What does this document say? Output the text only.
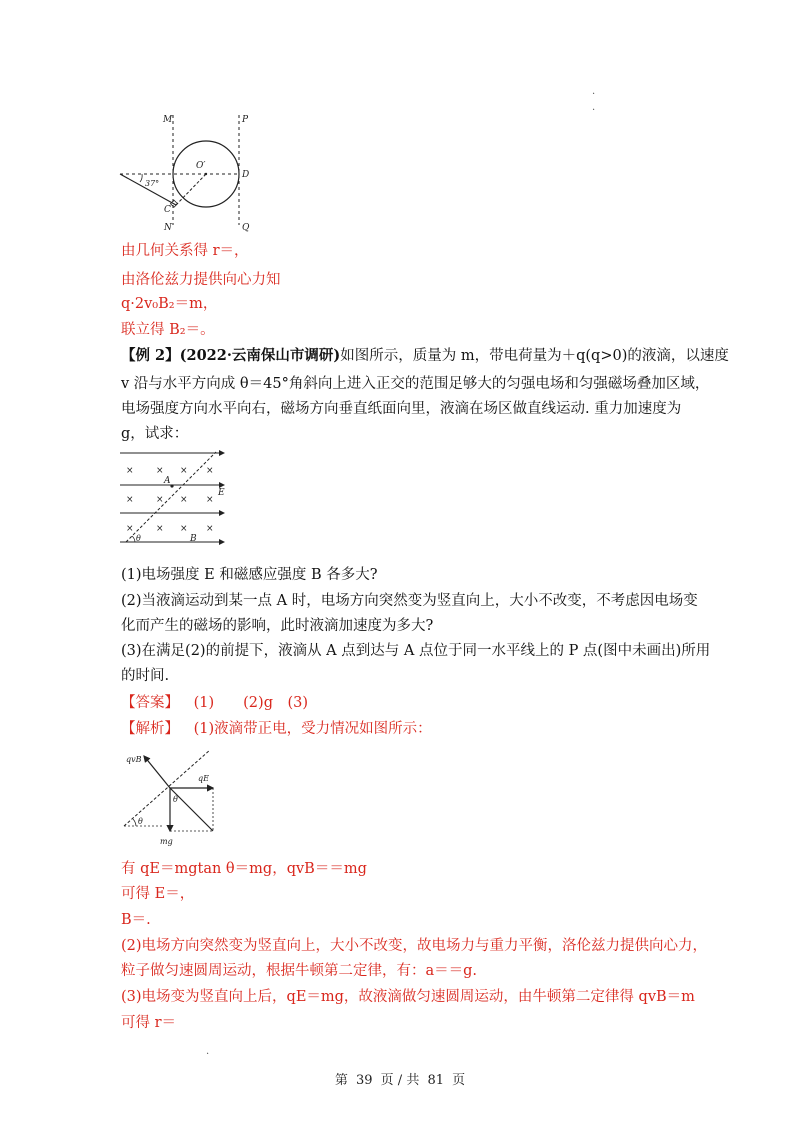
.
.
M	P
O′
D
37°
C
N	Q
由几何关系得 r＝，
由洛伦兹力提供向心力知
q·2v₀B₂＝m，
联立得 B₂＝。
【例 2】(2022·云南保山市调研)如图所示，质量为 m，带电荷量为＋q(q>0)的液滴，以速度
v 沿与水平方向成 θ＝45°角斜向上进入正交的范围足够大的匀强电场和匀强磁场叠加区域，
电场强度方向水平向右，磁场方向垂直纸面向里，液滴在场区做直线运动. 重力加速度为
g，试求：
× × × ×
× × × ×
× × × ×
A
E
B
θ
(1)电场强度 E 和磁感应强度 B 各多大?
(2)当液滴运动到某一点 A 时，电场方向突然变为竖直向上，大小不改变，不考虑因电场变
化而产生的磁场的影响，此时液滴加速度为多大?
(3)在满足(2)的前提下，液滴从 A 点到达与 A 点位于同一水平线上的 P 点(图中未画出)所用
的时间.
【答案】 (1)　　(2)g　(3)
【解析】 (1)液滴带正电，受力情况如图所示：
qvB
qE
θ
θ
mg
有 qE＝mgtan θ＝mg，qvB＝＝mg
可得 E＝，
B＝.
(2)电场方向突然变为竖直向上，大小不改变，故电场力与重力平衡，洛伦兹力提供向心力，
粒子做匀速圆周运动，根据牛顿第二定律，有：a＝＝g.
(3)电场变为竖直向上后，qE＝mg，故液滴做匀速圆周运动，由牛顿第二定律得 qvB＝m
可得 r＝
.
第 39 页 / 共 81 页
